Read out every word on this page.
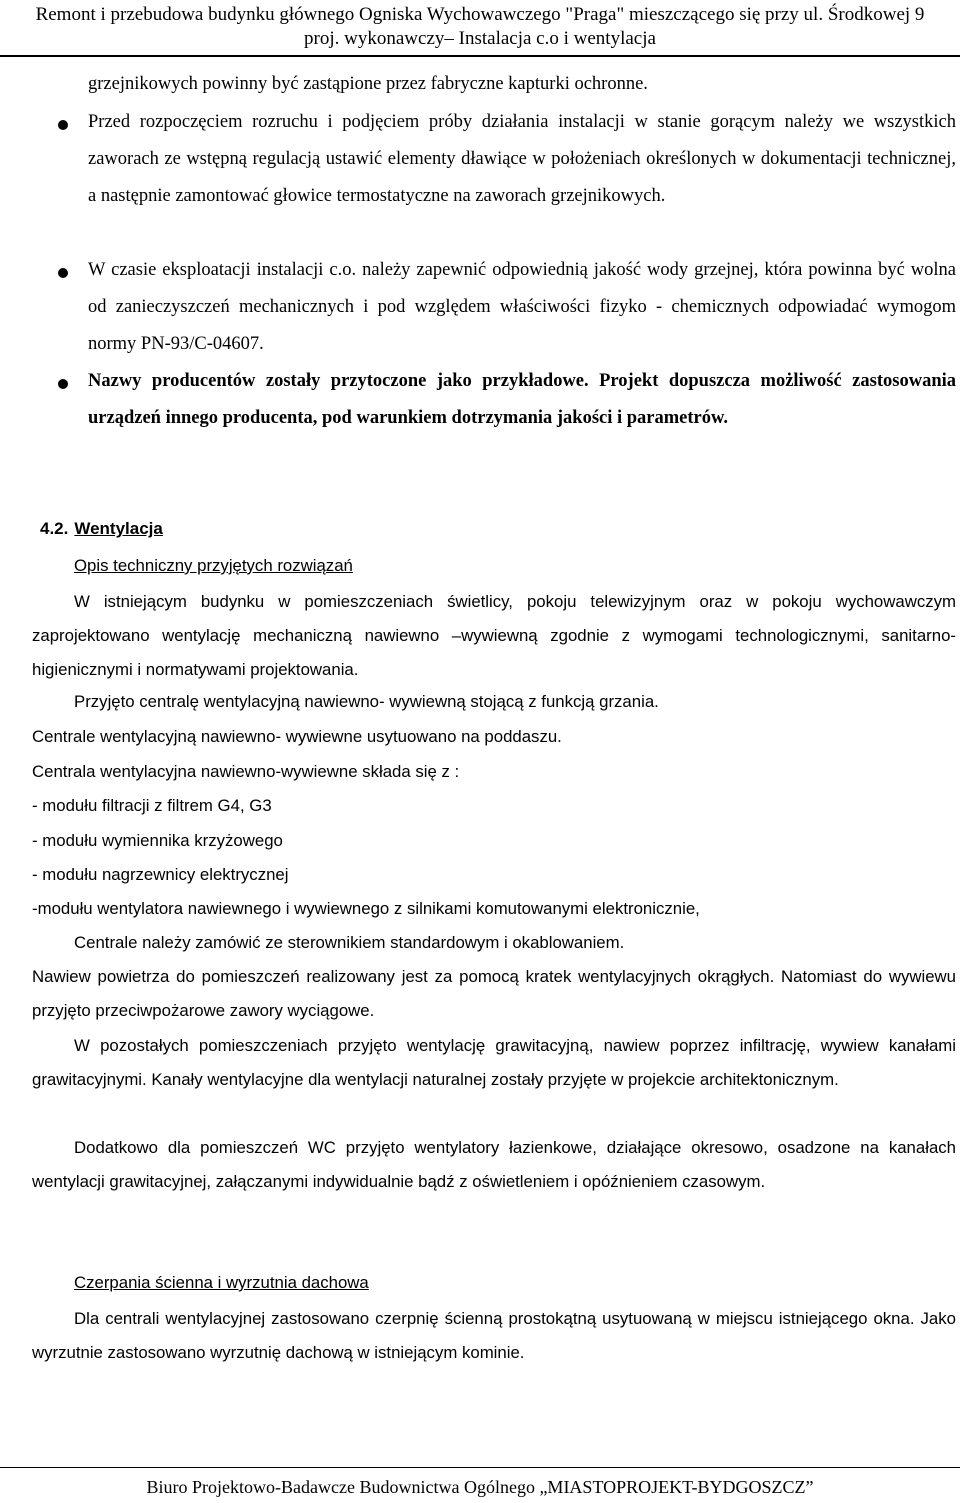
Remont i przebudowa budynku głównego Ogniska Wychowawczego "Praga" mieszczącego się przy ul. Środkowej 9
proj. wykonawczy– Instalacja c.o i wentylacja
grzejnikowych powinny być zastąpione przez fabryczne kapturki ochronne.
Przed rozpoczęciem rozruchu i podjęciem próby działania instalacji w stanie gorącym należy we wszystkich zaworach ze wstępną regulacją ustawić elementy dławiące w położeniach określonych w dokumentacji technicznej, a następnie zamontować głowice termostatyczne na zaworach grzejnikowych.
W czasie eksploatacji instalacji c.o. należy zapewnić odpowiednią jakość wody grzejnej, która powinna być wolna od zanieczyszczeń mechanicznych i pod względem właściwości fizyko - chemicznych odpowiadać wymogom normy PN-93/C-04607.
Nazwy producentów zostały przytoczone jako przykładowe. Projekt dopuszcza możliwość zastosowania urządzeń innego producenta, pod warunkiem dotrzymania jakości i parametrów.
4.2. Wentylacja
Opis techniczny przyjętych rozwiązań
W istniejącym budynku w pomieszczeniach świetlicy, pokoju telewizyjnym oraz w pokoju wychowawczym zaprojektowano wentylację mechaniczną nawiewno –wywiewną zgodnie z wymogami technologicznymi, sanitarno-higienicznymi i normatywami projektowania.
Przyjęto centralę wentylacyjną nawiewno- wywiewną stojącą z funkcją grzania.
Centrale wentylacyjną nawiewno- wywiewne usytuowano na poddaszu.
Centrala wentylacyjna nawiewno-wywiewne składa się z :
- modułu filtracji z filtrem G4, G3
- modułu wymiennika krzyżowego
- modułu nagrzewnicy elektrycznej
-modułu wentylatora nawiewnego i wywiewnego z silnikami komutowanymi elektronicznie,
Centrale należy zamówić ze sterownikiem standardowym i okablowaniem.
Nawiew powietrza do pomieszczeń realizowany jest za pomocą kratek wentylacyjnych okrągłych. Natomiast do wywiewu przyjęto przeciwpożarowe zawory wyciągowe.
W pozostałych pomieszczeniach przyjęto wentylację grawitacyjną, nawiew poprzez infiltrację, wywiew kanałami grawitacyjnymi. Kanały wentylacyjne dla wentylacji naturalnej zostały przyjęte w projekcie architektonicznym.
Dodatkowo dla pomieszczeń WC przyjęto wentylatory łazienkowe, działające okresowo, osadzone na kanałach wentylacji grawitacyjnej, załączanymi indywidualnie bądź z oświetleniem i opóźnieniem czasowym.
Czerpania ścienna i wyrzutnia dachowa
Dla centrali wentylacyjnej zastosowano czerpnię ścienną prostokątną usytuowaną w miejscu istniejącego okna. Jako wyrzutnie zastosowano wyrzutnię dachową w istniejącym kominie.
Biuro Projektowo-Badawcze Budownictwa Ogólnego „MIASTOPROJEKT-BYDGOSZCZ”
